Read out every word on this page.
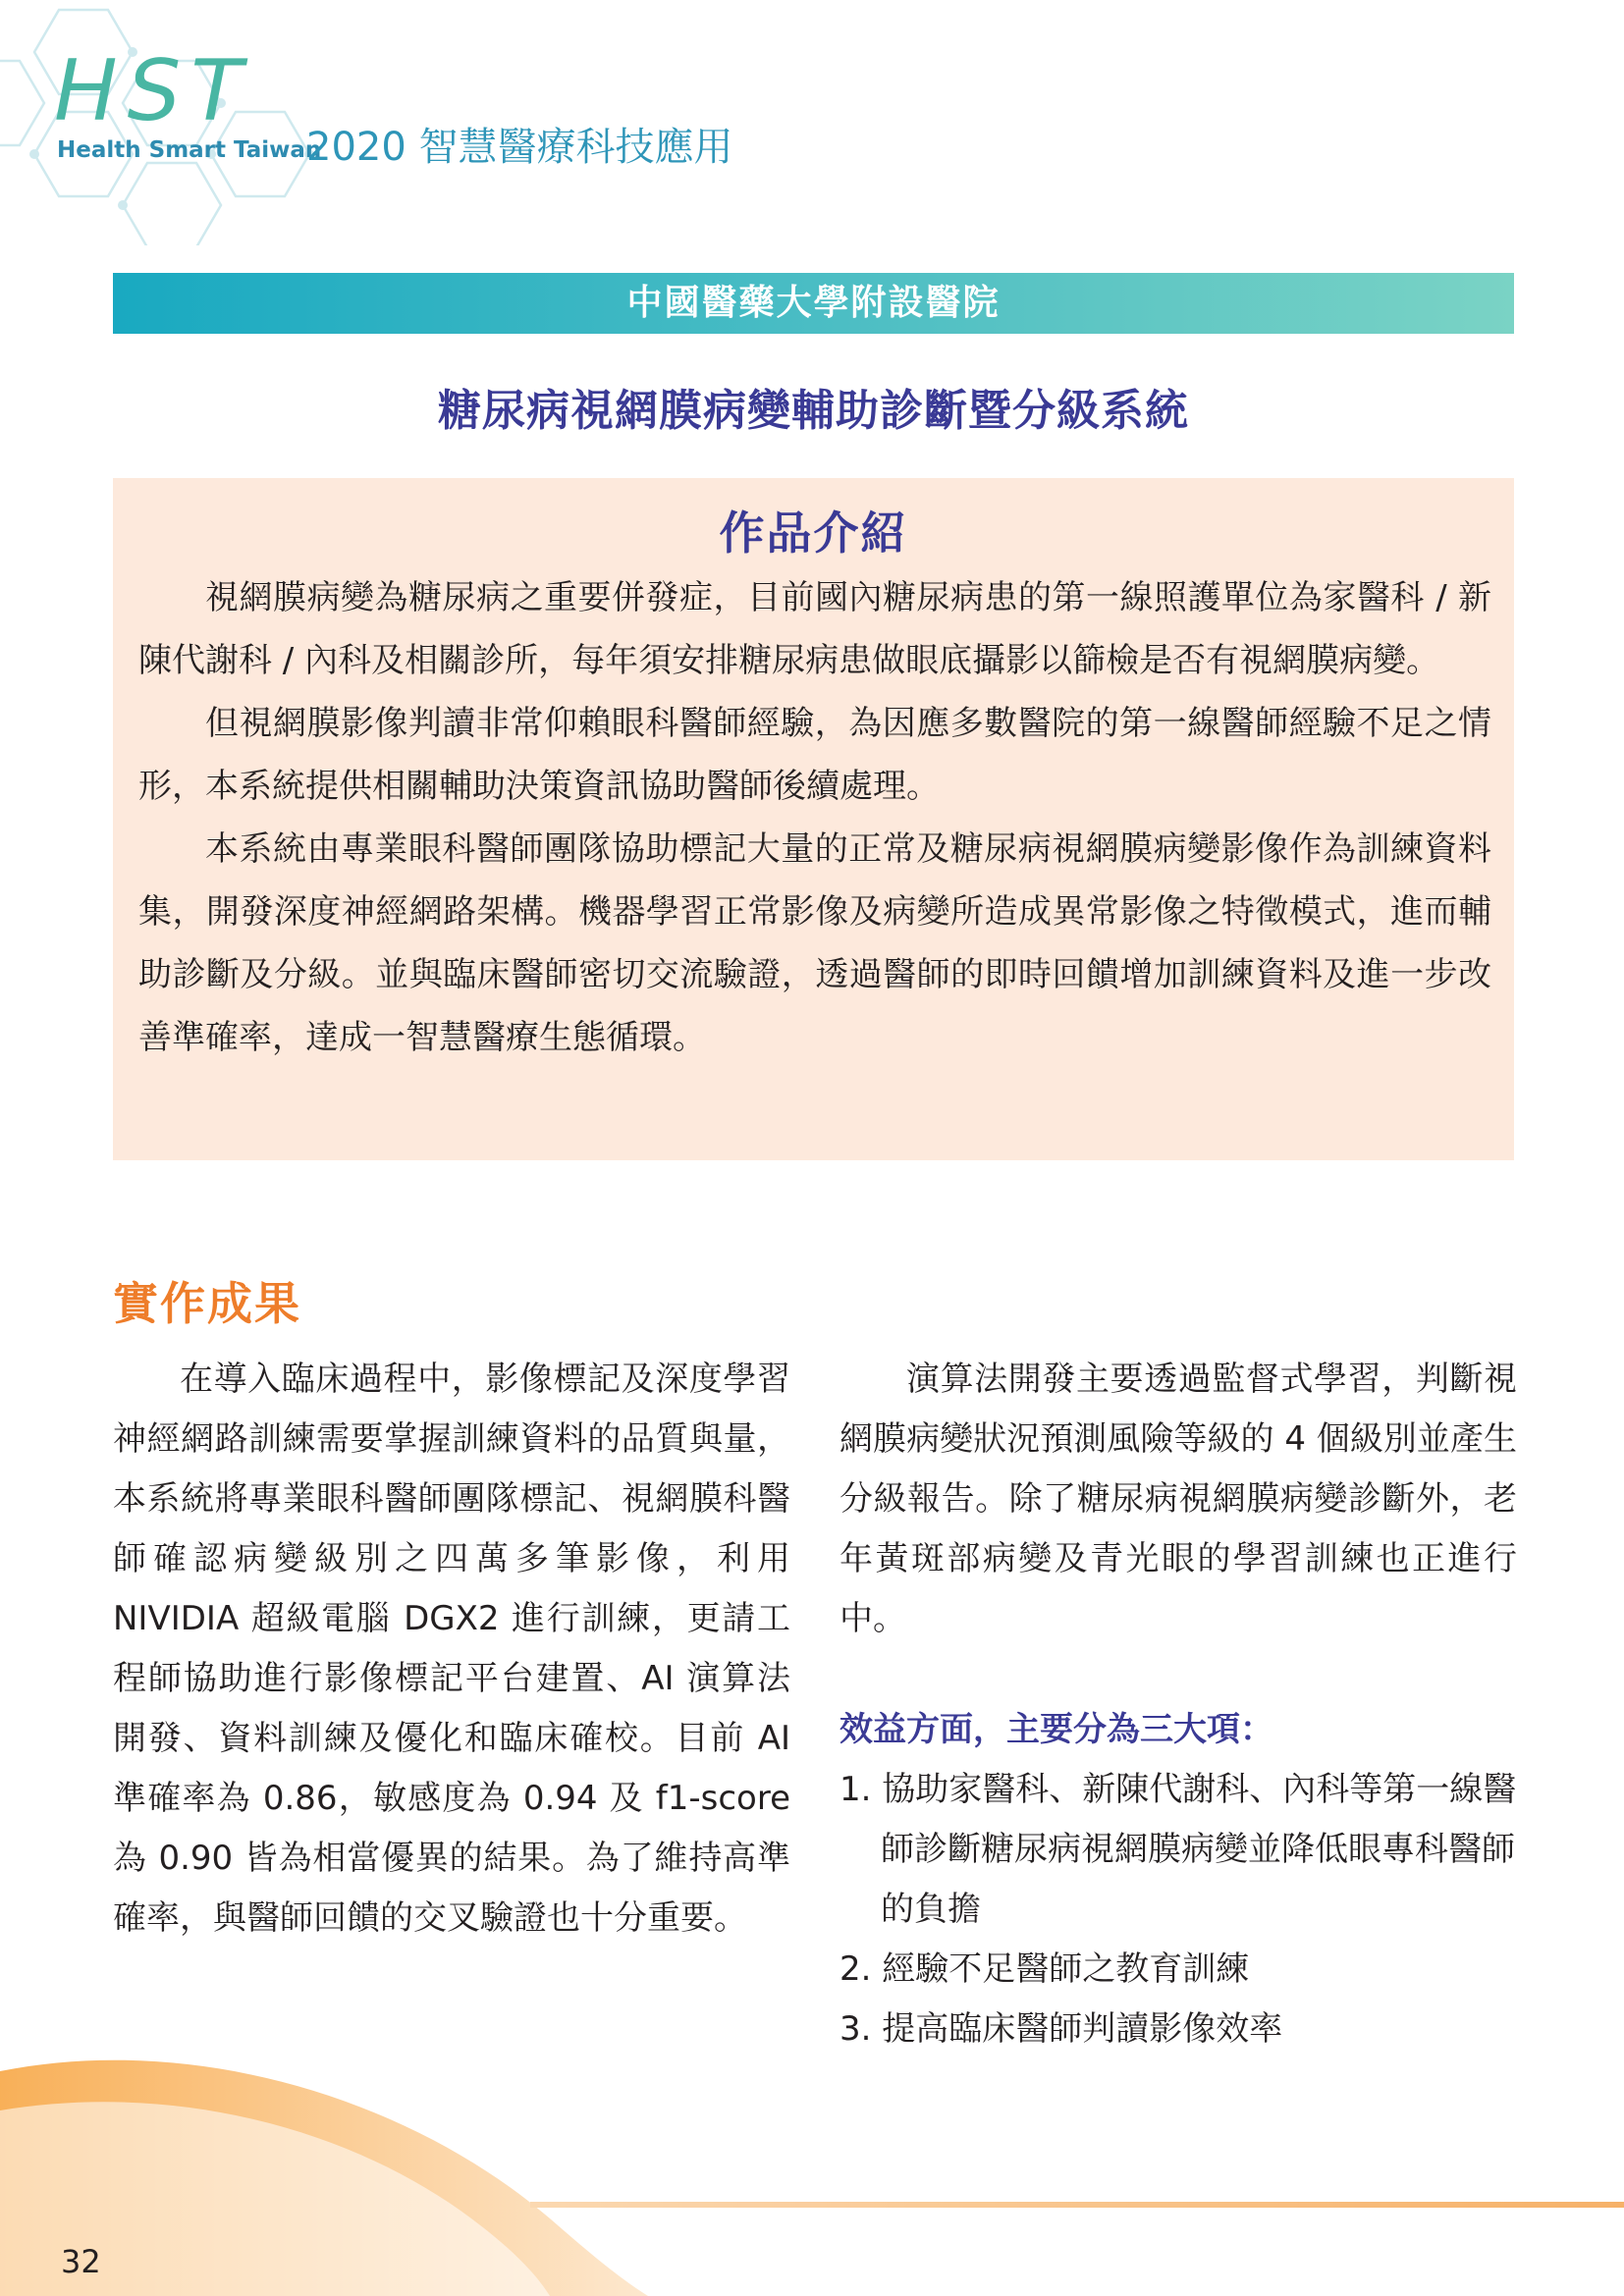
HST
Health Smart Taiwan
2020 智慧醫療科技應用
中國醫藥大學附設醫院
糖尿病視網膜病變輔助診斷暨分級系統
作品介紹

視網膜病變為糖尿病之重要併發症，目前國內糖尿病患的第一線照護單位為家醫科 / 新陳代謝科 / 內科及相關診所，每年須安排糖尿病患做眼底攝影以篩檢是否有視網膜病變。

但視網膜影像判讀非常仰賴眼科醫師經驗，為因應多數醫院的第一線醫師經驗不足之情形，本系統提供相關輔助決策資訊協助醫師後續處理。

本系統由專業眼科醫師團隊協助標記大量的正常及糖尿病視網膜病變影像作為訓練資料集，開發深度神經網路架構。機器學習正常影像及病變所造成異常影像之特徵模式，進而輔助診斷及分級。並與臨床醫師密切交流驗證，透過醫師的即時回饋增加訓練資料及進一步改善準確率，達成一智慧醫療生態循環。

實作成果

在導入臨床過程中，影像標記及深度學習神經網路訓練需要掌握訓練資料的品質與量，本系統將專業眼科醫師團隊標記、視網膜科醫師確認病變級別之四萬多筆影像，利用 NIVIDIA 超級電腦 DGX2 進行訓練，更請工程師協助進行影像標記平台建置、AI 演算法開發、資料訓練及優化和臨床確校。目前 AI 準確率為 0.86，敏感度為 0.94 及 f1-score 為 0.90 皆為相當優異的結果。為了維持高準確率，與醫師回饋的交叉驗證也十分重要。

演算法開發主要透過監督式學習，判斷視網膜病變狀況預測風險等級的 4 個級別並產生分級報告。除了糖尿病視網膜病變診斷外，老年黃斑部病變及青光眼的學習訓練也正進行中。

效益方面，主要分為三大項：
1. 協助家醫科、新陳代謝科、內科等第一線醫師診斷糖尿病視網膜病變並降低眼專科醫師的負擔
2. 經驗不足醫師之教育訓練
3. 提高臨床醫師判讀影像效率
32
